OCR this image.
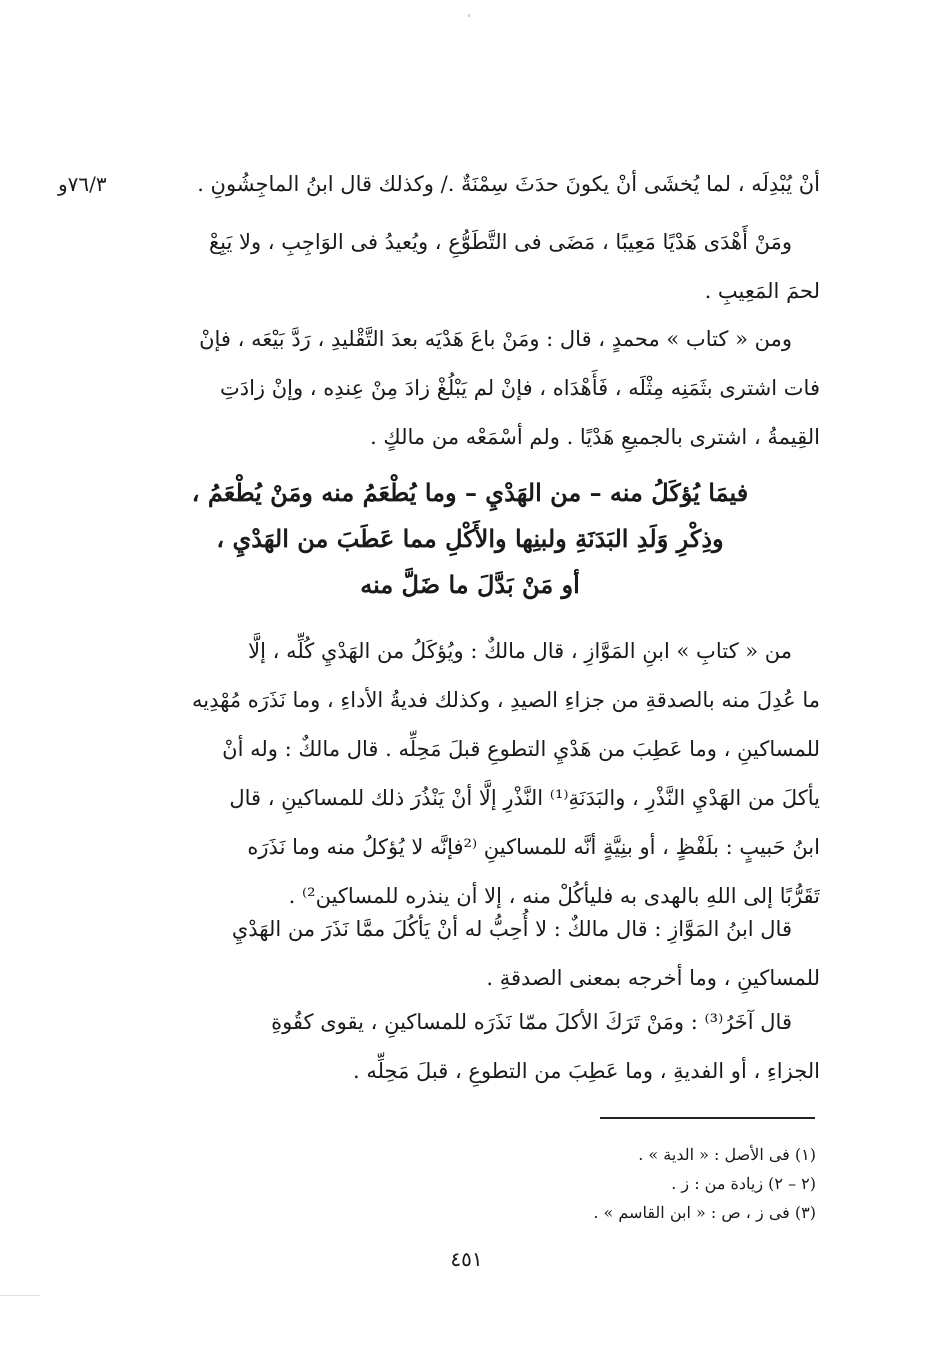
٧٦/٣و	أنْ يُبْدِلَه ، لما يُخشَى أنْ يكونَ حدَثَ سِمْنَةٌ ./ وكذلك قال ابنُ الماجِشُونِ .
ومَنْ أَهْدَى هَدْيًا مَعِيبًا ، مَضَى فى التَّطَوُّعِ ، ويُعيدُ فى الوَاجِبِ ، ولا يَبِعْ
لحمَ المَعِيبِ .
ومن « كتاب » محمدٍ ، قال : ومَنْ باعَ هَدْيَه بعدَ التَّقْليدِ ، رَدَّ بَيْعَه ، فإنْ
فات اشترى بثَمَنِه مِثْلَه ، فَأَهْدَاه ، فإنْ لم يَبْلُغْ زادَ مِنْ عِندِه ، وإنْ زادَتِ
القِيمةُ ، اشترى بالجميعِ هَدْيًا . ولم أسْمَعْه من مالكٍ .
فيمَا يُؤكَلُ منه – من الهَدْيِ – وما يُطْعَمُ منه ومَنْ يُطْعَمُ ،
وذِكْرِ وَلَدِ البَدَنَةِ ولبنِها والأَكْلِ مما عَطَبَ من الهَدْيِ ،
أو مَنْ بَدَّلَ ما ضَلَّ منه
من « كتابِ » ابنِ المَوَّازِ ، قال مالكٌ : ويُؤكَلُ من الهَدْيِ كُلِّه ، إلَّا
ما عُدِلَ منه بالصدقةِ من جزاءِ الصيدِ ، وكذلك فديةُ الأداءِ ، وما نَذَرَه مُهْدِيه
للمساكينِ ، وما عَطِبَ من هَدْيِ التطوعِ قبلَ مَحِلِّه . قال مالكٌ : وله أنْ
يأكلَ من الهَدْيِ النَّذْرِ ، والبَدَنَةِ⁽¹⁾ النَّذْرِ إلَّا أنْ يَنْذُرَ ذلك للمساكينِ ، قال
ابنُ حَبيبٍ : بلَفْظٍ ، أو بنِيَّةٍ أنَّه للمساكينِ ⁽²فإنَّه لا يُؤكلُ منه وما نَذَرَه
تَقَرُّبًا إلى اللهِ بالهدى به فليأكُلْ منه ، إلا أن ينذره للمساكين²⁾ .
قال ابنُ المَوَّازِ : قال مالكٌ : لا أُحِبُّ له أنْ يَأكُلَ ممَّا نَذَرَ من الهَدْيِ
للمساكينِ ، وما أخرجه بمعنى الصدقةِ .
قال آخَرُ⁽³⁾ : ومَنْ تَرَكَ الأكلَ ممّا نَذَرَه للمساكينِ ، يقوى كقُوةِ
الجزاءِ ، أو الفديةِ ، وما عَطِبَ من التطوعِ ، قبلَ مَحِلِّه .
(١) فى الأصل : « الدية » .
(٢ – ٢) زيادة من : ز .
(٣) فى ز ، ص : « ابن القاسم » .
٤٥١
